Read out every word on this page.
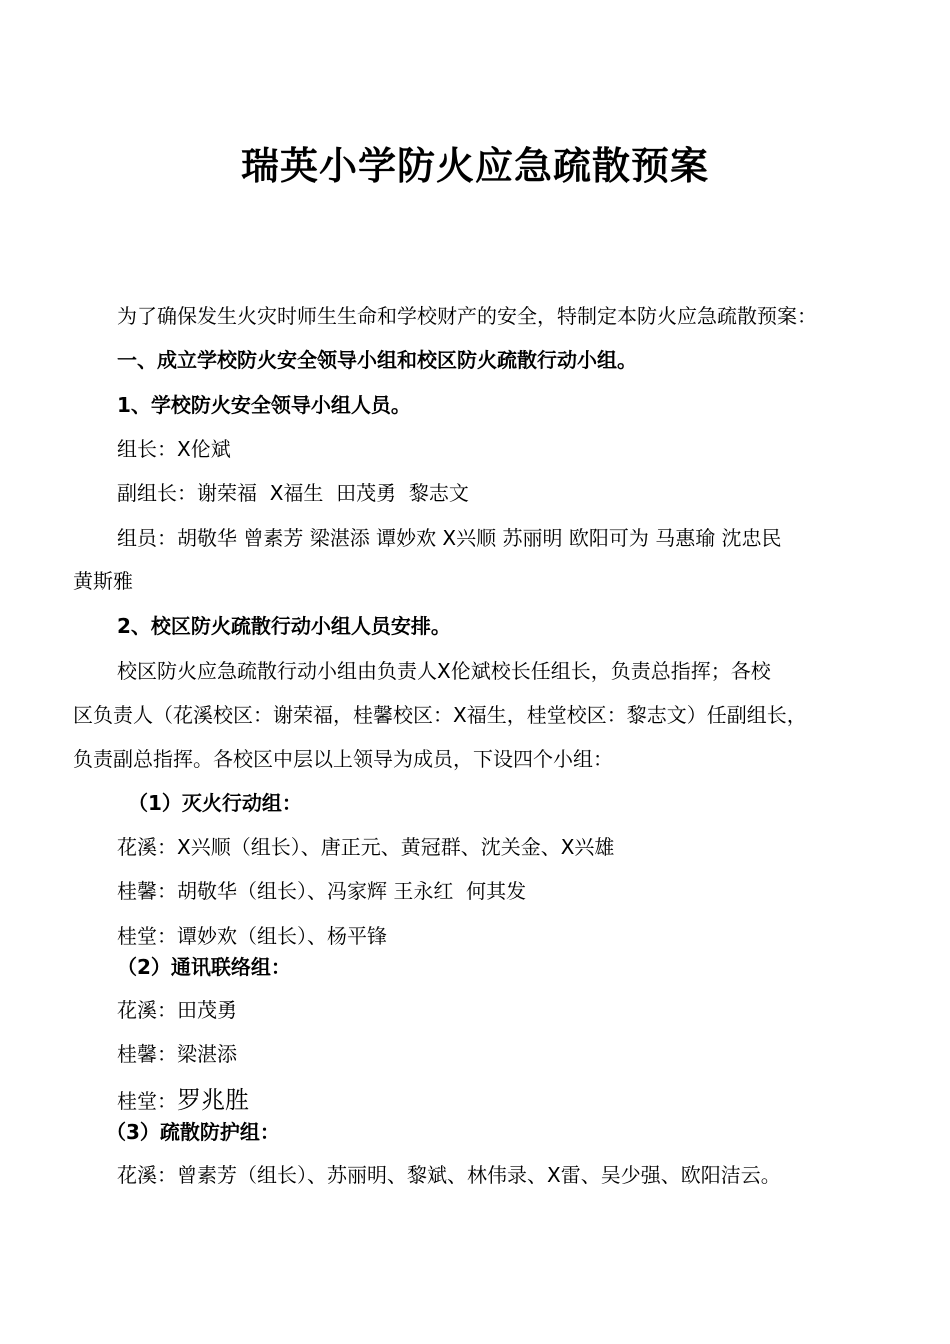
瑞英小学防火应急疏散预案
为了确保发生火灾时师生生命和学校财产的安全，特制定本防火应急疏散预案：
一、成立学校防火安全领导小组和校区防火疏散行动小组。
1、学校防火安全领导小组人员。
组长：X伦斌
副组长：谢荣福  X福生  田茂勇  黎志文
组员：胡敬华 曾素芳 梁湛添 谭妙欢 X兴顺 苏丽明 欧阳可为 马惠瑜 沈忠民
黄斯雅
2、校区防火疏散行动小组人员安排。
校区防火应急疏散行动小组由负责人X伦斌校长任组长，负责总指挥；各校
区负责人（花溪校区：谢荣福，桂馨校区：X福生，桂堂校区：黎志文）任副组长，
负责副总指挥。各校区中层以上领导为成员，下设四个小组：
（1）灭火行动组：
花溪：X兴顺（组长）、唐正元、黄冠群、沈关金、X兴雄
桂馨：胡敬华（组长）、冯家辉 王永红  何其发
桂堂：谭妙欢（组长）、杨平锋
（2）通讯联络组：
花溪：田茂勇
桂馨：梁湛添
桂堂：罗兆胜
（3）疏散防护组：
花溪：曾素芳（组长）、苏丽明、黎斌、林伟录、X雷、吴少强、欧阳洁云。
